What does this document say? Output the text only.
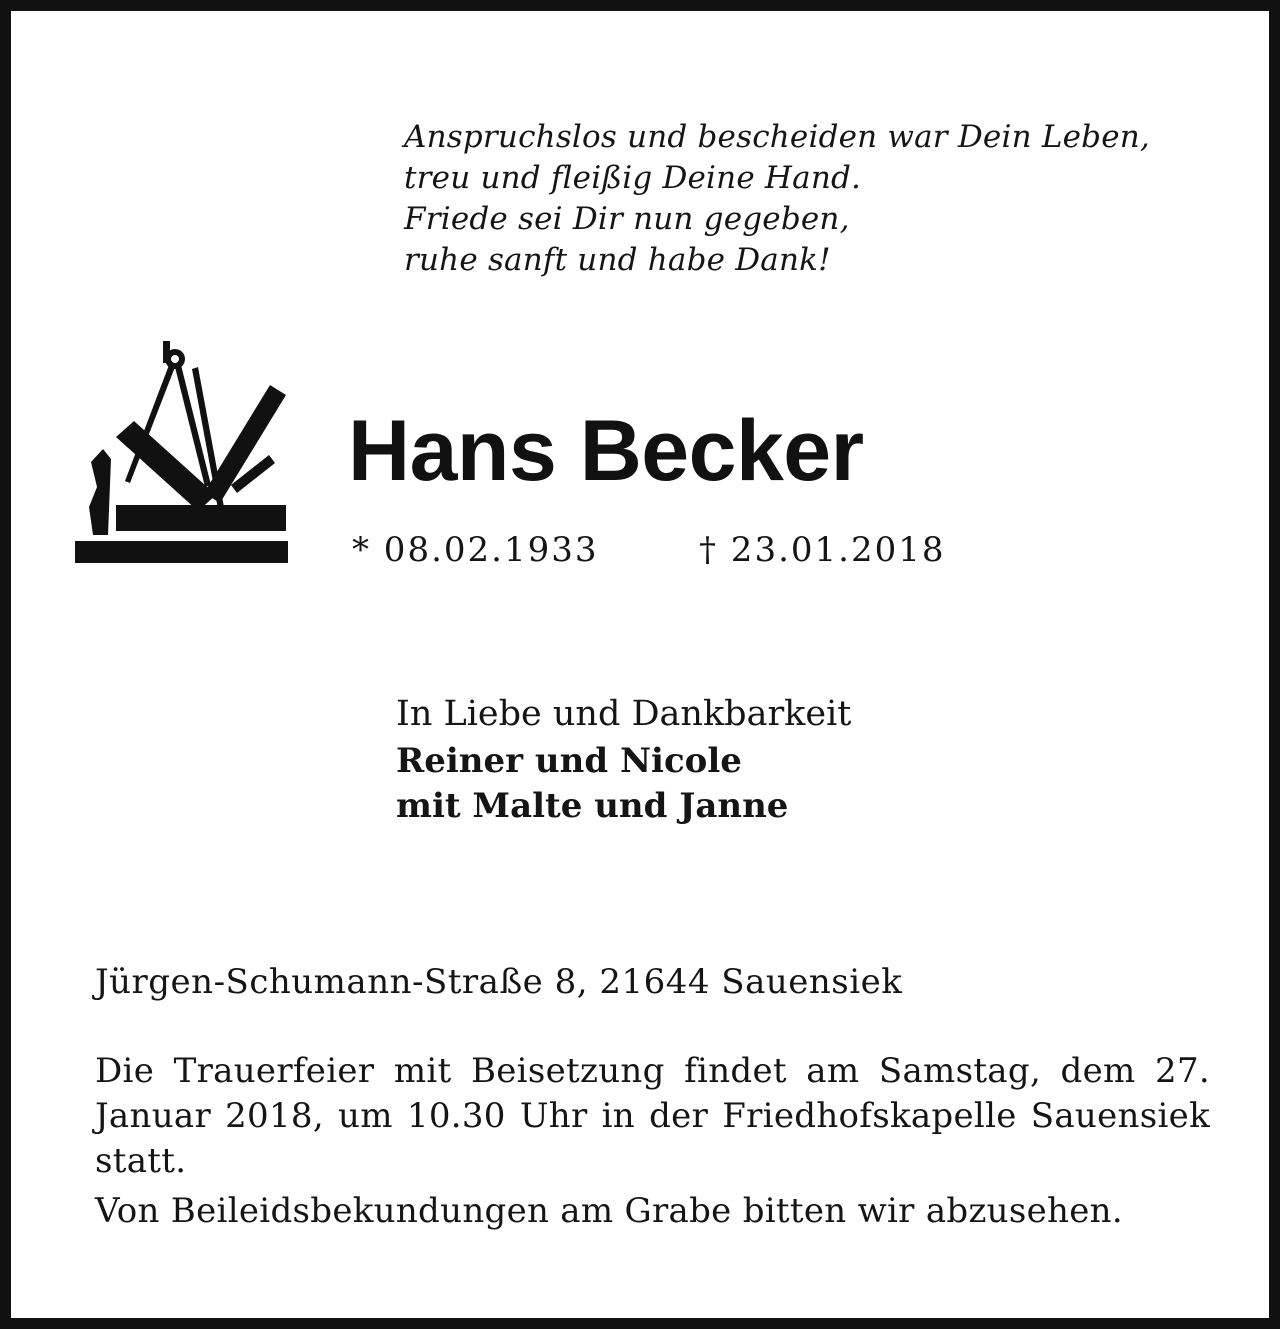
Anspruchslos und bescheiden war Dein Leben,
treu und fleißig Deine Hand.
Friede sei Dir nun gegeben,
ruhe sanft und habe Dank!
Hans Becker
* 08.02.1933	† 23.01.2018
In Liebe und Dankbarkeit
Reiner und Nicole
mit Malte und Janne
Jürgen-Schumann-Straße 8, 21644 Sauensiek
Die Trauerfeier mit Beisetzung findet am Samstag, dem 27. Januar 2018, um 10.30 Uhr in der Friedhofskapelle Sauensiek statt.
Von Beileidsbekundungen am Grabe bitten wir abzusehen.
